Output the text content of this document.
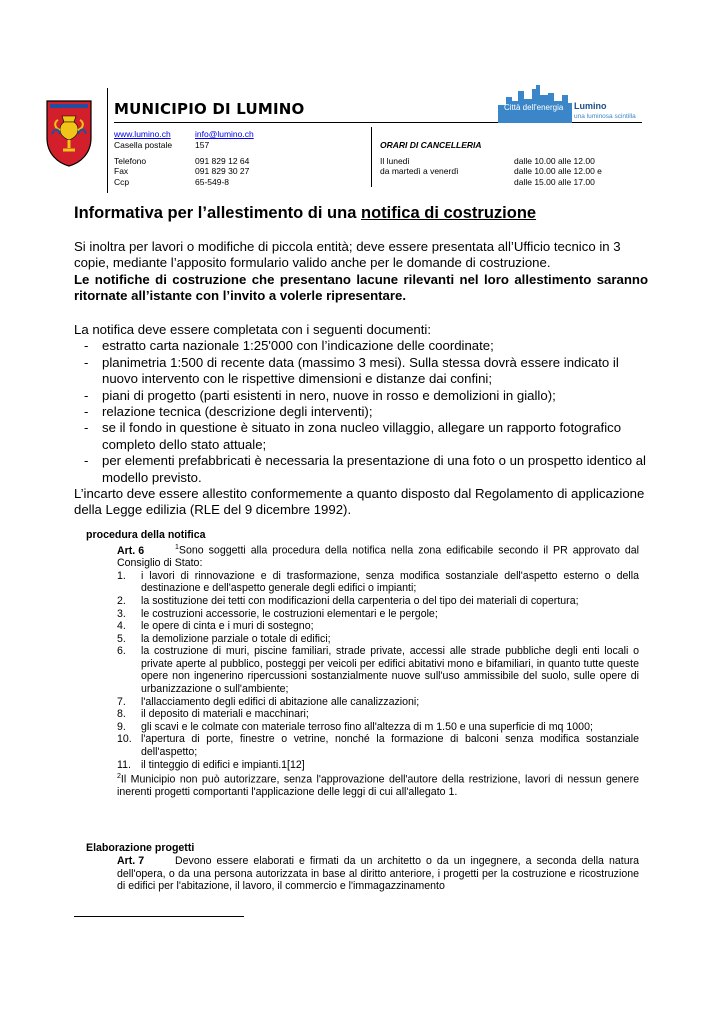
MUNICIPIO DI LUMINO	Città dell'energia Lumino
una luminosa scintilla
www.lumino.ch	info@lumino.ch
Casella postale	157
Telefono	091 829 12 64
Fax	091 829 30 27
Ccp	65-549-8
ORARI DI CANCELLERIA
Il lunedì	dalle 10.00 alle 12.00
da martedì a venerdì	dalle 10.00 alle 12.00 e
dalle 15.00 alle 17.00
Informativa per l’allestimento di una notifica di costruzione
Si inoltra per lavori o modifiche di piccola entità; deve essere presentata all’Ufficio tecnico in 3 copie, mediante l’apposito formulario valido anche per le domande di costruzione.
Le notifiche di costruzione che presentano lacune rilevanti nel loro allestimento saranno ritornate all’istante con l’invito a volerle ripresentare.
La notifica deve essere completata con i seguenti documenti:
- estratto carta nazionale 1:25'000 con l’indicazione delle coordinate;
- planimetria 1:500 di recente data (massimo 3 mesi). Sulla stessa dovrà essere indicato il nuovo intervento con le rispettive dimensioni e distanze dai confini;
- piani di progetto (parti esistenti in nero, nuove in rosso e demolizioni in giallo);
- relazione tecnica (descrizione degli interventi);
- se il fondo in questione è situato in zona nucleo villaggio, allegare un rapporto fotografico completo dello stato attuale;
- per elementi prefabbricati è necessaria la presentazione di una foto o un prospetto identico al modello previsto.
L’incarto deve essere allestito conformemente a quanto disposto dal Regolamento di applicazione della Legge edilizia (RLE del 9 dicembre 1992).
procedura della notifica
Art. 6	$^1$Sono soggetti alla procedura della notifica nella zona edificabile secondo il PR approvato dal Consiglio di Stato:
1. i lavori di rinnovazione e di trasformazione, senza modifica sostanziale dell'aspetto esterno o della destinazione e dell'aspetto generale degli edifici o impianti;
2. la sostituzione dei tetti con modificazioni della carpenteria o del tipo dei materiali di copertura;
3. le costruzioni accessorie, le costruzioni elementari e le pergole;
4. le opere di cinta e i muri di sostegno;
5. la demolizione parziale o totale di edifici;
6. la costruzione di muri, piscine familiari, strade private, accessi alle strade pubbliche degli enti locali o private aperte al pubblico, posteggi per veicoli per edifici abitativi mono e bifamiliari, in quanto tutte queste opere non ingenerino ripercussioni sostanzialmente nuove sull'uso ammissibile del suolo, sulle opere di urbanizzazione o sull'ambiente;
7. l'allacciamento degli edifici di abitazione alle canalizzazioni;
8. il deposito di materiali e macchinari;
9. gli scavi e le colmate con materiale terroso fino all'altezza di m 1.50 e una superficie di mq 1000;
10. l'apertura di porte, finestre o vetrine, nonché la formazione di balconi senza modifica sostanziale dell'aspetto;
11. il tinteggio di edifici e impianti.1[12]
$^2$Il Municipio non può autorizzare, senza l'approvazione dell'autore della restrizione, lavori di nessun genere inerenti progetti comportanti l'applicazione delle leggi di cui all'allegato 1.
Elaborazione progetti
Art. 7	Devono essere elaborati e firmati da un architetto o da un ingegnere, a seconda della natura dell'opera, o da una persona autorizzata in base al diritto anteriore, i progetti per la costruzione e ricostruzione di edifici per l'abitazione, il lavoro, il commercio e l'immagazzinamento
